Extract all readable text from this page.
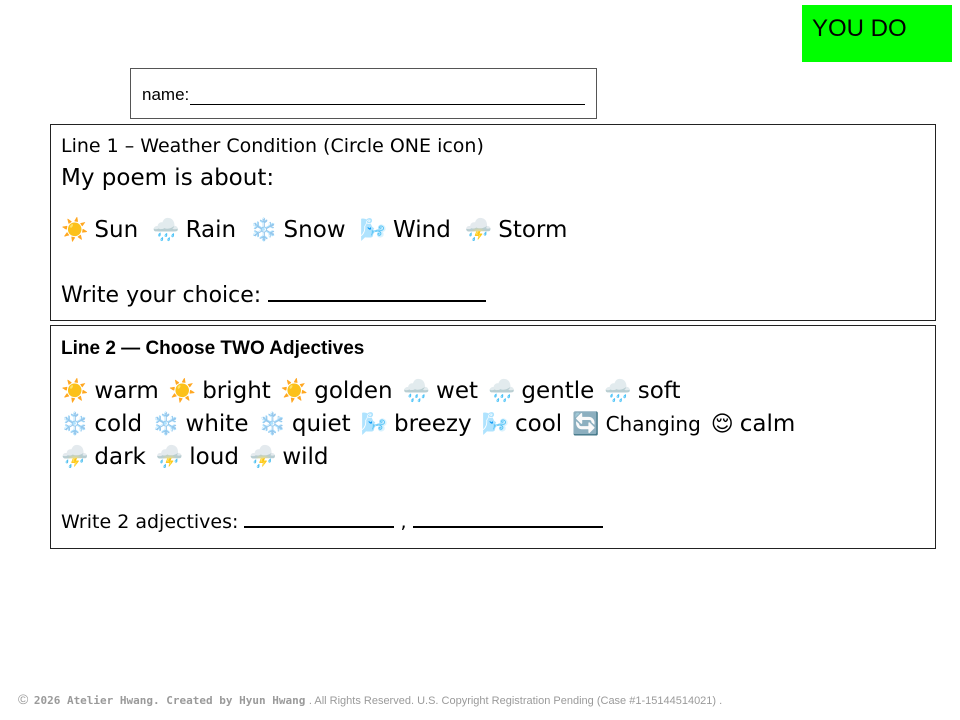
YOU DO
name:
Line 1 – Weather Condition (Circle ONE icon)
My poem is about:
☀️ Sun 🌧️ Rain ❄️ Snow 🌬️ Wind ⛈️ Storm
Write your choice:
Line 2 — Choose TWO Adjectives
☀️ warm ☀️ bright ☀️ golden 🌧️ wet 🌧️ gentle 🌧️ soft
❄️ cold ❄️ white ❄️ quiet 🌬️ breezy 🌬️ cool 🔄 Changing 😌 calm
⛈️ dark ⛈️ loud ⛈️ wild
Write 2 adjectives:	,
© 2026 Atelier Hwang. Created by Hyun Hwang . All Rights Reserved. U.S. Copyright Registration Pending (Case #1-15144514021) .
